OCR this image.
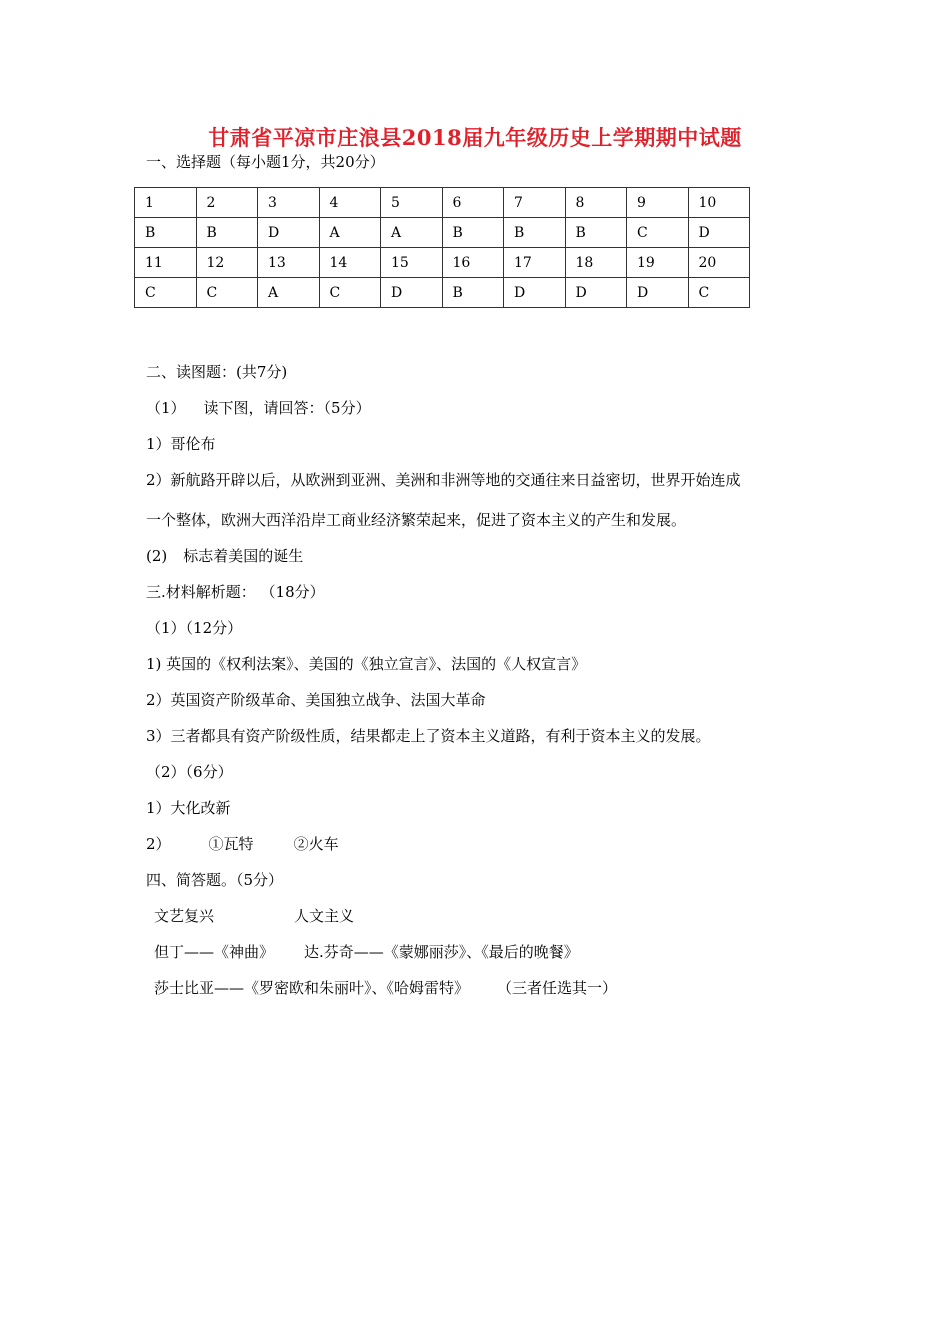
甘肃省平凉市庄浪县2018届九年级历史上学期期中试题
一、选择题（每小题1分，共20分）
1	2	3	4	5	6	7	8	9	10
B	B	D	A	A	B	B	B	C	D
11	12	13	14	15	16	17	18	19	20
C	C	A	C	D	B	D	D	D	C
二、读图题：(共7分)
（1） 读下图，请回答：（5分）
1）哥伦布
2）新航路开辟以后，从欧洲到亚洲、美洲和非洲等地的交通往来日益密切，世界开始连成
一个整体，欧洲大西洋沿岸工商业经济繁荣起来，促进了资本主义的产生和发展。
(2) 标志着美国的诞生
三.材料解析题： （18分）
（1）（12分）
1) 英国的《权利法案》、美国的《独立宣言》、法国的《人权宣言》
2）英国资产阶级革命、美国独立战争、法国大革命
3）三者都具有资产阶级性质，结果都走上了资本主义道路，有利于资本主义的发展。
（2）（6分）
1）大化改新
2）	①瓦特	②火车
四、简答题。（5分）
文艺复兴	人文主义
但丁——《神曲》 达.芬奇——《蒙娜丽莎》、《最后的晚餐》
莎士比亚——《罗密欧和朱丽叶》、《哈姆雷特》 （三者任选其一）
